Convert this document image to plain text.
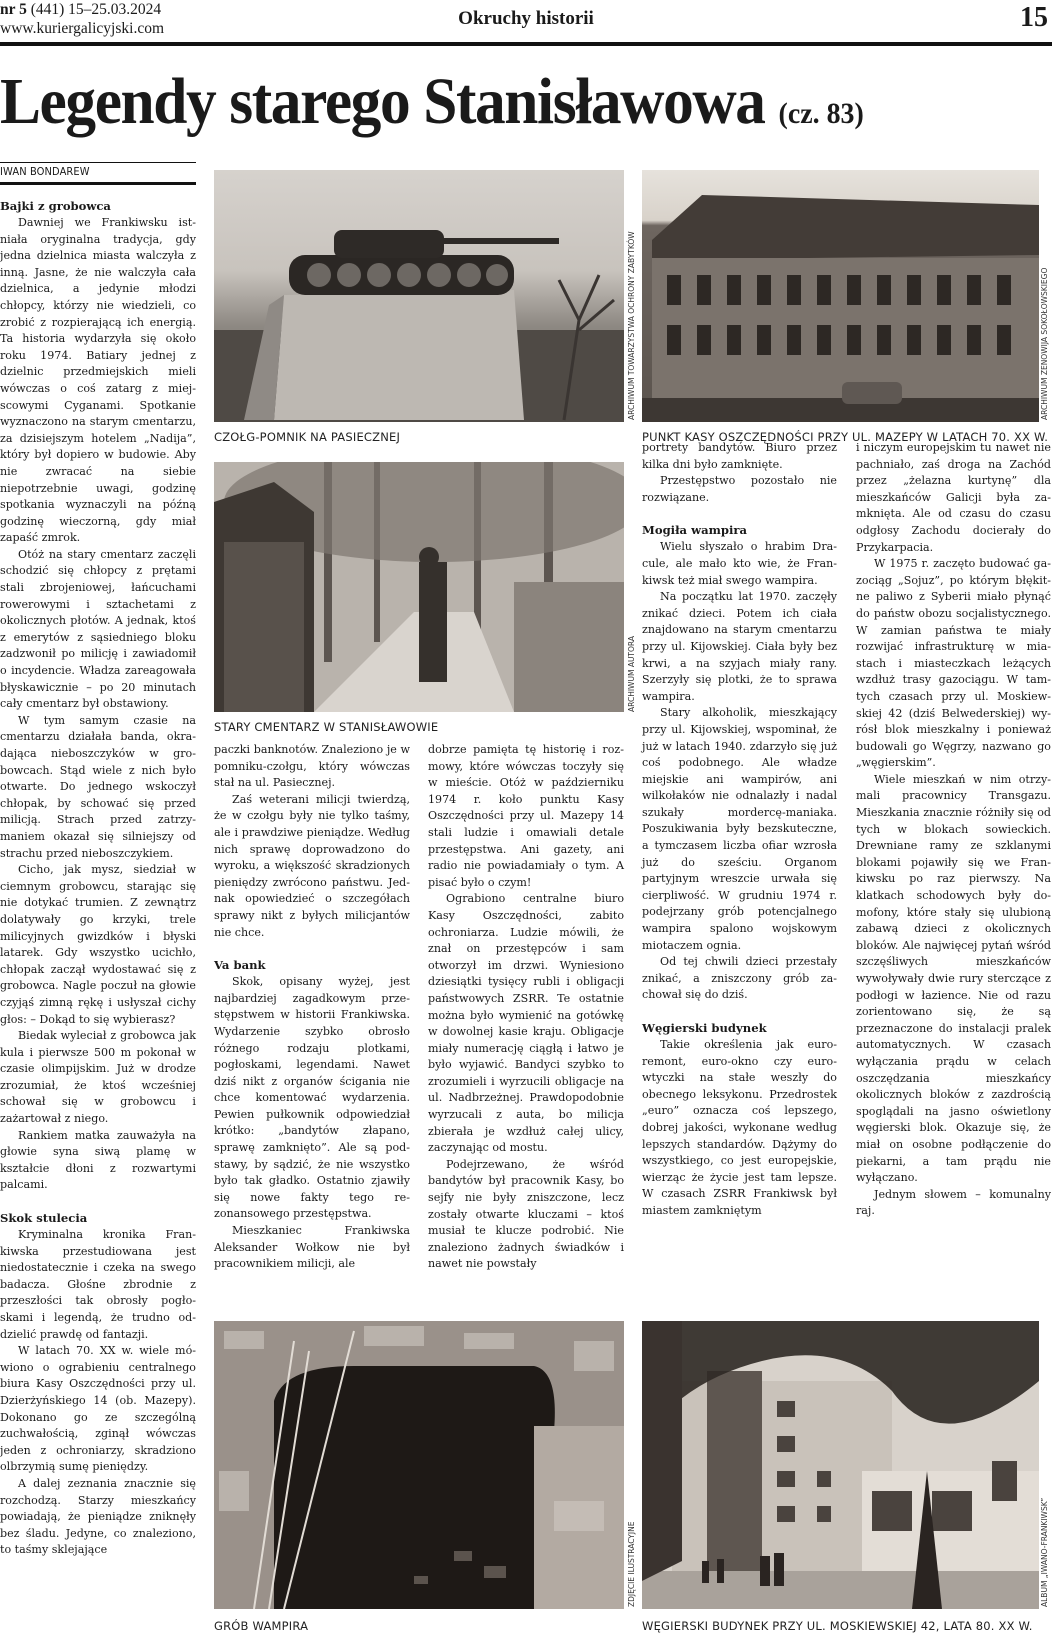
nr 5 (441) 15–25.03.2024
www.kuriergalicyjski.com	Okruchy historii	15
Legendy starego Stanisławowa (cz. 83)
IWAN BONDAREW
ARCHIWUM TOWARZYSTWA OCHRONY ZABYTKÓW
CZOŁG-POMNIK NA PASIECZNEJ
ARCHIWUM ZENOWIJA SOKOŁOWSKIEGO
PUNKT KASY OSZCZĘDNOŚCI PRZY UL. MAZEPY W LATACH 70. XX W.
ARCHIWUM AUTORA
STARY CMENTARZ W STANISŁAWOWIE
Bajki z grobowca

Dawniej we Frankiwsku istniała oryginalna tradycja, gdy jedna dzielnica miasta walczyła z inną. Jasne, że nie walczyła cała dzielnica, a jedynie młodzi chłopcy, którzy nie wiedzieli, co zrobić z rozpierającą ich energią. Ta historia wydarzyła się około roku 1974. Batiary jednej z dzielnic przedmiejskich mieli wówczas o coś zatarg z miejscowymi Cyganami. Spotkanie wyznaczono na starym cmentarzu, za dzisiejszym hotelem „Nadija”, który był dopiero w budowie. Aby nie zwracać na siebie niepotrzebnie uwagi, godzinę spotkania wyznaczyli na późną godzinę wieczorną, gdy miał zapaść zmrok.

Otóż na stary cmentarz zaczęli schodzić się chłopcy z prętami stali zbrojeniowej, łańcuchami rowerowymi i sztachetami z okolicznych płotów. A jednak, ktoś z emerytów z sąsiedniego bloku zadzwonił po milicję i zawiadomił o incydencie. Władza zareagowała błyskawicznie – po 20 minutach cały cmentarz był obstawiony.

W tym samym czasie na cmentarzu działała banda, okradająca nieboszczyków w grobowcach. Stąd wiele z nich było otwarte. Do jednego wskoczył chłopak, by schować się przed milicją. Strach przed zatrzymaniem okazał się silniejszy od strachu przed nieboszczykiem.

Cicho, jak mysz, siedział w ciemnym grobowcu, starając się nie dotykać trumien. Z zewnątrz dolatywały go krzyki, trele milicyjnych gwizdków i błyski latarek. Gdy wszystko ucichło, chłopak zaczął wydostawać się z grobowca. Nagle poczuł na głowie czyjąś zimną rękę i usłyszał cichy głos: – Dokąd to się wybierasz?

Biedak wyleciał z grobowca jak kula i pierwsze 500 m pokonał w czasie olimpijskim. Już w drodze zrozumiał, że ktoś wcześniej schował się w grobowcu i zażartował z niego.

Rankiem matka zauważyła na głowie syna siwą plamę w kształcie dłoni z rozwartymi palcami.

Skok stulecia

Kryminalna kronika Frankiwska przestudiowana jest niedostatecznie i czeka na swego badacza. Głośne zbrodnie z przeszłości tak obrosły pogłoskami i legendą, że trudno oddzielić prawdę od fantazji.

W latach 70. XX w. wiele mówiono o ograbieniu centralnego biura Kasy Oszczędności przy ul. Dzierżyńskiego 14 (ob. Mazepy). Dokonano go ze szczególną zuchwałością, zginął wówczas jeden z ochroniarzy, skradziono olbrzymią sumę pieniędzy.

A dalej zeznania znacznie się rozchodzą. Starzy mieszkańcy powiadają, że pieniądze zniknęły bez śladu. Jedyne, co znaleziono, to taśmy sklejające

paczki banknotów. Znaleziono je w pomniku-czołgu, który wówczas stał na ul. Pasiecznej.

Zaś weterani milicji twierdzą, że w czołgu były nie tylko taśmy, ale i prawdziwe pieniądze. Według nich sprawę doprowadzono do wyroku, a większość skradzionych pieniędzy zwrócono państwu. Jednak opowiedzieć o szczegółach sprawy nikt z byłych milicjantów nie chce.

Va bank

Skok, opisany wyżej, jest najbardziej zagadkowym przestępstwem w historii Frankiwska. Wydarzenie szybko obrosło różnego rodzaju plotkami, pogłoskami, legendami. Nawet dziś nikt z organów ścigania nie chce komentować wydarzenia. Pewien pułkownik odpowiedział krótko: „bandytów złapano, sprawę zamknięto”. Ale są podstawy, by sądzić, że nie wszystko było tak gładko. Ostatnio zjawiły się nowe fakty tego rezonansowego przestępstwa.

Mieszkaniec Frankiwska Aleksander Wołkow nie był pracownikiem milicji, ale

dobrze pamięta tę historię i rozmowy, które wówczas toczyły się w mieście. Otóż w październiku 1974 r. koło punktu Kasy Oszczędności przy ul. Mazepy 14 stali ludzie i omawiali detale przestępstwa. Ani gazety, ani radio nie powiadamiały o tym. A pisać było o czym!

Ograbiono centralne biuro Kasy Oszczędności, zabito ochroniarza. Ludzie mówili, że znał on przestępców i sam otworzył im drzwi. Wyniesiono dziesiątki tysięcy rubli i obligacji państwowych ZSRR. Te ostatnie można było wymienić na gotówkę w dowolnej kasie kraju. Obligacje miały numerację ciągłą i łatwo je było wyjawić. Bandyci szybko to zrozumieli i wyrzucili obligacje na ul. Nadbrzeżnej. Prawdopodobnie wyrzucali z auta, bo milicja zbierała je wzdłuż całej ulicy, zaczynając od mostu.

Podejrzewano, że wśród bandytów był pracownik Kasy, bo sejfy nie były zniszczone, lecz zostały otwarte kluczami – ktoś musiał te klucze podrobić. Nie znaleziono żadnych świadków i nawet nie powstały

portrety bandytów. Biuro przez kilka dni było zamknięte.

Przestępstwo pozostało nie rozwiązane.

Mogiła wampira

Wielu słyszało o hrabim Dracule, ale mało kto wie, że Frankiwsk też miał swego wampira.

Na początku lat 1970. zaczęły znikać dzieci. Potem ich ciała znajdowano na starym cmentarzu przy ul. Kijowskiej. Ciała były bez krwi, a na szyjach miały rany. Szerzyły się plotki, że to sprawa wampira.

Stary alkoholik, mieszkający przy ul. Kijowskiej, wspominał, że już w latach 1940. zdarzyło się już coś podobnego. Ale władze miejskie ani wampirów, ani wilkołaków nie odnalazły i nadal szukały mordercę-maniaka. Poszukiwania były bezskuteczne, a tymczasem liczba ofiar wzrosła już do sześciu. Organom partyjnym wreszcie urwała się cierpliwość. W grudniu 1974 r. podejrzany grób potencjalnego wampira spalono wojskowym miotaczem ognia.

Od tej chwili dzieci przestały znikać, a zniszczony grób zachował się do dziś.

Węgierski budynek

Takie określenia jak euro-remont, euro-okno czy euro-wtyczki na stałe weszły do obecnego leksykonu. Przedrostek „euro” oznacza coś lepszego, dobrej jakości, wykonane według lepszych standardów. Dążymy do wszystkiego, co jest europejskie, wierząc że życie jest tam lepsze. W czasach ZSRR Frankiwsk był miastem zamkniętym

i niczym europejskim tu nawet nie pachniało, zaś droga na Zachód przez „żelazna kurtynę” dla mieszkańców Galicji była zamknięta. Ale od czasu do czasu odgłosy Zachodu docierały do Przykarpacia.

W 1975 r. zaczęto budować gazociąg „Sojuz”, po którym błękitne paliwo z Syberii miało płynąć do państw obozu socjalistycznego. W zamian państwa te miały rozwijać infrastrukturę w miastach i miasteczkach leżących wzdłuż trasy gazociągu. W tamtych czasach przy ul. Moskiewskiej 42 (dziś Belwederskiej) wyrósł blok mieszkalny i ponieważ budowali go Węgrzy, nazwano go „węgierskim”.

Wiele mieszkań w nim otrzymali pracownicy Transgazu. Mieszkania znacznie różniły się od tych w blokach sowieckich. Drewniane ramy ze szklanymi blokami pojawiły się we Frankiwsku po raz pierwszy. Na klatkach schodowych były domofony, które stały się ulubioną zabawą dzieci z okolicznych bloków. Ale najwięcej pytań wśród szczęśliwych mieszkańców wywoływały dwie rury sterczące z podłogi w łazience. Nie od razu zorientowano się, że są przeznaczone do instalacji pralek automatycznych. W czasach wyłączania prądu w celach oszczędzania mieszkańcy okolicznych bloków z zazdrością spoglądali na jasno oświetlony węgierski blok. Okazuje się, że miał on osobne podłączenie do piekarni, a tam prądu nie wyłączano.

Jednym słowem – komunalny raj.

ZDJĘCIE ILUSTRACYJNE
GRÓB WAMPIRA
ALBUM „IWANO-FRANKIWSK”
WĘGIERSKI BUDYNEK PRZY UL. MOSKIEWSKIEJ 42, LATA 80. XX W.
